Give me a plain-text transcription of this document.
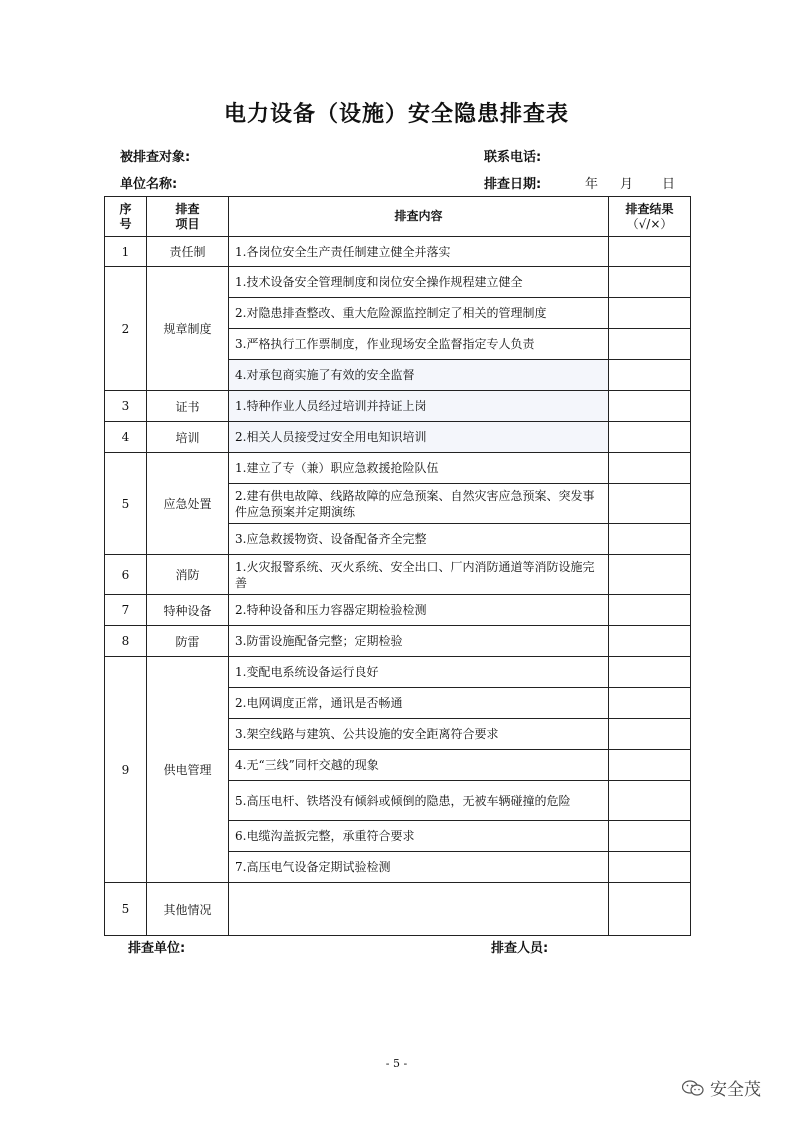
电力设备（设施）安全隐患排查表
被排查对象:	联系电话:
单位名称:	排查日期:	年 月 日
序号	排查项目	排查内容	排查结果
（√/×）

1	责任制	1.各岗位安全生产责任制建立健全并落实	
2	规章制度	1.技术设备安全管理制度和岗位安全操作规程建立健全	
		2.对隐患排查整改、重大危险源监控制定了相关的管理制度	
		3.严格执行工作票制度，作业现场安全监督指定专人负责	
		4.对承包商实施了有效的安全监督	
3	证书	1.特种作业人员经过培训并持证上岗	
4	培训	2.相关人员接受过安全用电知识培训	
5	应急处置	1.建立了专（兼）职应急救援抢险队伍	
		2.建有供电故障、线路故障的应急预案、自然灾害应急预案、突发事件应急预案并定期演练	
		3.应急救援物资、设备配备齐全完整	
6	消防	1.火灾报警系统、灭火系统、安全出口、厂内消防通道等消防设施完善	
7	特种设备	2.特种设备和压力容器定期检验检测	
8	防雷	3.防雷设施配备完整；定期检验	
9	供电管理	1.变配电系统设备运行良好	
		2.电网调度正常，通讯是否畅通	
		3.架空线路与建筑、公共设施的安全距离符合要求	
		4.无“三线”同杆交越的现象	
		5.高压电杆、铁塔没有倾斜或倾倒的隐患，无被车辆碰撞的危险	
		6.电缆沟盖扳完整，承重符合要求	
		7.高压电气设备定期试验检测	
5	其他情况		
排查单位:	排查人员:
- 5 -
安全茂
